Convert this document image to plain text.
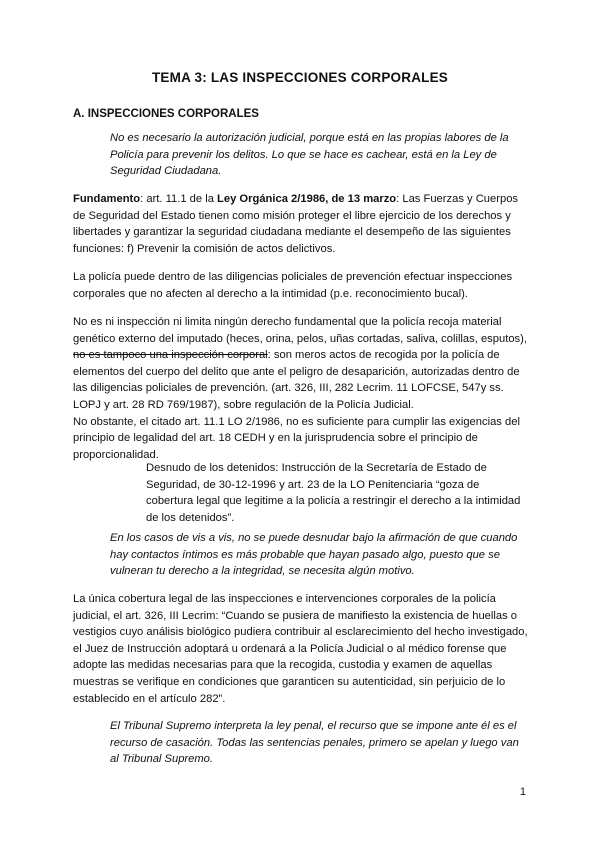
TEMA 3: LAS INSPECCIONES CORPORALES
A. INSPECCIONES CORPORALES
No es necesario la autorización judicial, porque está en las propias labores de la Policía para prevenir los delitos. Lo que se hace es cachear, está en la Ley de Seguridad Ciudadana.
Fundamento: art. 11.1 de la Ley Orgánica 2/1986, de 13 marzo: Las Fuerzas y Cuerpos de Seguridad del Estado tienen como misión proteger el libre ejercicio de los derechos y libertades y garantizar la seguridad ciudadana mediante el desempeño de las siguientes funciones: f) Prevenir la comisión de actos delictivos.
La policía puede dentro de las diligencias policiales de prevención efectuar inspecciones corporales que no afecten al derecho a la intimidad (p.e. reconocimiento bucal).
No es ni inspección ni limita ningún derecho fundamental que la policía recoja material genético externo del imputado (heces, orina, pelos, uñas cortadas, saliva, colillas, esputos), no es tampoco una inspección corporal: son meros actos de recogida por la policía de elementos del cuerpo del delito que ante el peligro de desaparición, autorizadas dentro de las diligencias policiales de prevención. (art. 326, III, 282 Lecrim. 11 LOFCSE, 547y ss. LOPJ y art. 28 RD 769/1987), sobre regulación de la Policía Judicial.
No obstante, el citado art. 11.1 LO 2/1986, no es suficiente para cumplir las exigencias del principio de legalidad del art. 18 CEDH y en la jurisprudencia sobre el principio de proporcionalidad.
Desnudo de los detenidos: Instrucción de la Secretaría de Estado de Seguridad, de 30-12-1996 y art. 23 de la LO Penitenciaria “goza de cobertura legal que legitime a la policía a restringir el derecho a la intimidad de los detenidos”.
En los casos de vis a vis, no se puede desnudar bajo la afirmación de que cuando hay contactos íntimos es más probable que hayan pasado algo, puesto que se vulneran tu derecho a la integridad, se necesita algún motivo.
La única cobertura legal de las inspecciones e intervenciones corporales de la policía judicial, el art. 326, III Lecrim: “Cuando se pusiera de manifiesto la existencia de huellas o vestigios cuyo análisis biológico pudiera contribuir al esclarecimiento del hecho investigado, el Juez de Instrucción adoptará u ordenará a la Policía Judicial o al médico forense que adopte las medidas necesarias para que la recogida, custodia y examen de aquellas muestras se verifique en condiciones que garanticen su autenticidad, sin perjuicio de lo establecido en el artículo 282”.
El Tribunal Supremo interpreta la ley penal, el recurso que se impone ante él es el recurso de casación. Todas las sentencias penales, primero se apelan y luego van al Tribunal Supremo.
1
